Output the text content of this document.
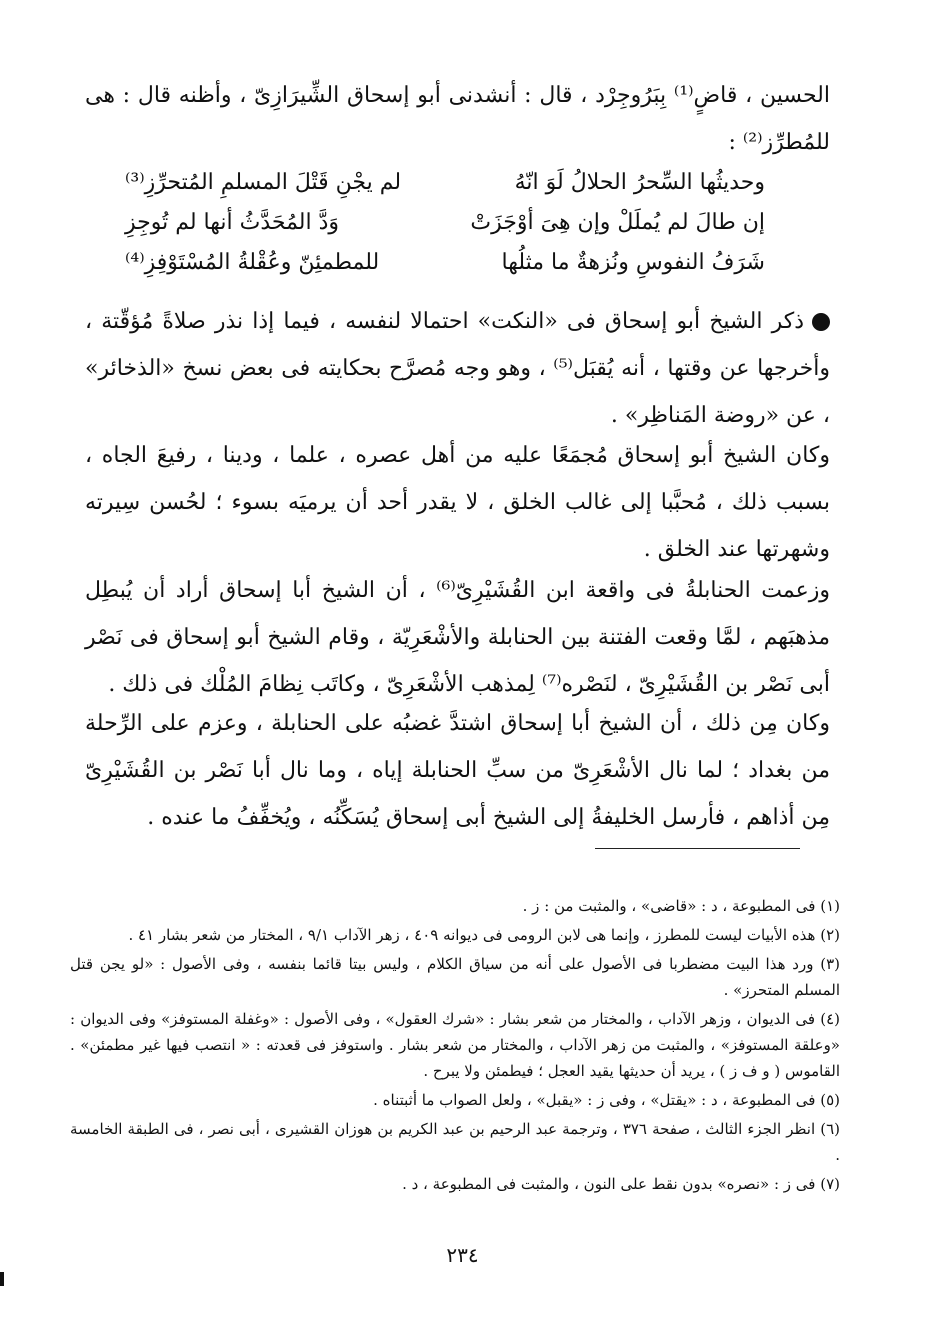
الحسين ، قاضٍ⁽¹⁾ بِبَرُوجِرْد ، قال : أنشدنى أبو إسحاق الشِّيرَازِىّ ، وأظنه قال : هى للمُطرِّز⁽²⁾ :
وحديثُها السِّحرُ الحلالُ لَوَ انّهُ
لم يجْنِ قَتْلَ المسلمِ المُتحرِّزِ⁽³⁾
إن طالَ لم يُملَلْ وإن هِىَ أوْجَزَتْ
وَدَّ المُحَدَّثُ أنها لم تُوجِزِ
شَرَفُ النفوسِ ونُزهةٌ ما مثلُها
للمطمئِنّ وعُقْلةُ المُسْتَوْفِزِ⁽⁴⁾
ذكر الشيخ أبو إسحاق فى «النكت» احتمالا لنفسه ، فيما إذا نذر صلاةً مُؤقّتة ، وأخرجها عن وقتها ، أنه يُقبَل⁽⁵⁾ ، وهو وجه مُصرَّح بحكايته فى بعض نسخ «الذخائر» ، عن «روضة المَناظِر» .
وكان الشيخ أبو إسحاق مُجمَعًا عليه من أهل عصره ، علما ، ودينا ، رفيعَ الجاه ، بسبب ذلك ، مُحبَّبا إلى غالب الخلق ، لا يقدر أحد أن يرميَه بسوء ؛ لحُسن سِيرته وشهرتها عند الخلق .
وزعمت الحنابلةُ فى واقعة ابن القُشَيْرِىّ⁽⁶⁾ ، أن الشيخ أبا إسحاق أراد أن يُبطِل مذهبَهم ، لمَّا وقعت الفتنة بين الحنابلة والأشْعَرِيّة ، وقام الشيخ أبو إسحاق فى نَصْر أبى نَصْر بن القُشَيْرِىّ ، لنَصْره⁽⁷⁾ لِمذهب الأشْعَرِىّ ، وكاتَب نِظامَ المُلْك فى ذلك .
وكان مِن ذلك ، أن الشيخ أبا إسحاق اشتدَّ غضبُه على الحنابلة ، وعزم على الرِّحلة من بغداد ؛ لما نال الأشْعَرِىّ من سبِّ الحنابلة إياه ، وما نال أبا نَصْر بن القُشَيْرِىّ مِن أذاهم ، فأرسل الخليفةُ إلى الشيخ أبى إسحاق يُسَكِّنُه ، ويُخفِّفُ ما عنده .

(١) فى المطبوعة ، د : «قاضى» ، والمثبت من : ز .

(٢) هذه الأبيات ليست للمطرز ، وإنما هى لابن الرومى فى ديوانه ٤٠٩ ، زهر الآداب ٩/١ ، المختار من شعر بشار ٤١ .

(٣) ورد هذا البيت مضطربا فى الأصول على أنه من سياق الكلام ، وليس بيتا قائما بنفسه ، وفى الأصول : «لو يجن قتل المسلم المتحرز» .

(٤) فى الديوان ، وزهر الآداب ، والمختار من شعر بشار : «شرك العقول» ، وفى الأصول : «وغفلة المستوفز» وفى الديوان : «وعلقة المستوفز» ، والمثبت من زهر الآداب ، والمختار من شعر بشار . واستوفز فى قعدته : « انتصب فيها غير مطمئن» . القاموس ( و ف ز ) ، يريد أن حديثها يقيد العجل ؛ فيطمئن ولا يبرح .

(٥) فى المطبوعة ، د : «يقتل» ، وفى ز : «يقبل» ، ولعل الصواب ما أثبتناه .

(٦) انظر الجزء الثالث ، صفحة ٣٧٦ ، وترجمة عبد الرحيم بن عبد الكريم بن هوزان القشيرى ، أبى نصر ، فى الطبقة الخامسة .

(٧) فى ز : «نصره» بدون نقط على النون ، والمثبت فى المطبوعة ، د .

٢٣٤
